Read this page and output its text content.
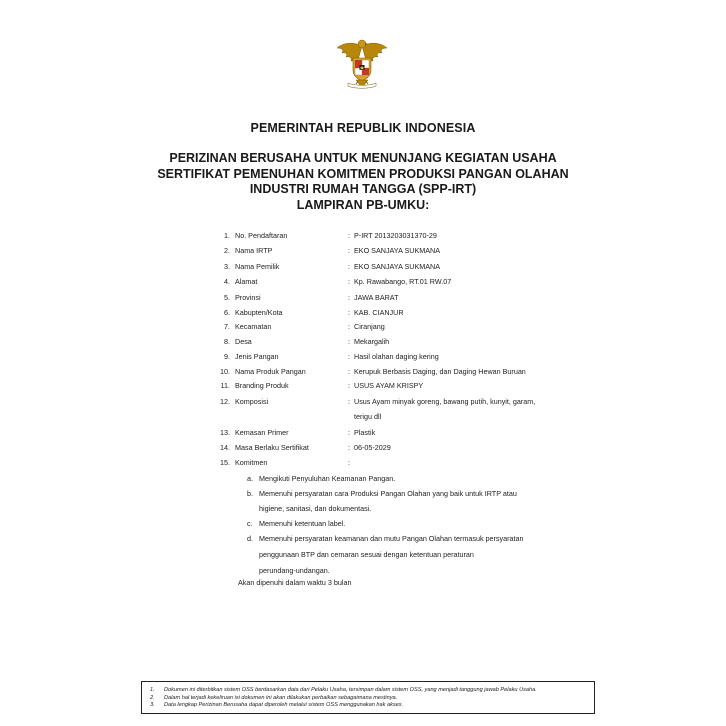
PEMERINTAH REPUBLIK INDONESIA
PERIZINAN BERUSAHA UNTUK MENUNJANG KEGIATAN USAHA
SERTIFIKAT PEMENUHAN KOMITMEN PRODUKSI PANGAN OLAHAN
INDUSTRI RUMAH TANGGA (SPP-IRT)
LAMPIRAN PB-UMKU:
1. No. Pendaftaran	: P-IRT 2013203031370-29
2. Nama IRTP	: EKO SANJAYA SUKMANA
3. Nama Pemilik	: EKO SANJAYA SUKMANA
4. Alamat	: Kp. Rawabango, RT.01 RW.07
5. Provinsi	: JAWA BARAT
6. Kabupten/Kota	: KAB. CIANJUR
7. Kecamatan	: Ciranjang
8. Desa	: Mekargalih
9. Jenis Pangan	: Hasil olahan daging kering
10. Nama Produk Pangan	: Kerupuk Berbasis Daging, dan Daging Hewan Buruan
11. Branding Produk	: USUS AYAM KRISPY
12. Komposisi	: Usus Ayam minyak goreng, bawang putih, kunyit, garam,
terigu dll
13. Kemasan Primer	: Plastik
14. Masa Berlaku Sertifikat	: 06-05-2029
15. Komitmen	:
a. Mengikuti Penyuluhan Keamanan Pangan.
b. Memenuhi persyaratan cara Produksi Pangan Olahan yang baik untuk IRTP atau
higiene, sanitasi, dan dokumentasi.
c. Memenuhi ketentuan label.
d. Memenuhi persyaratan keamanan dan mutu Pangan Olahan termasuk persyaratan
penggunaan BTP dan cemaran sesuai dengan ketentuan peraturan
perundang-undangan.
Akan dipenuhi dalam waktu 3 bulan
1. Dokumen ini diterbitkan sistem OSS berdasarkan data dari Pelaku Usaha, tersimpan dalam sistem OSS, yang menjadi tanggung jawab Pelaku Usaha.
2. Dalam hal terjadi kekeliruan isi dokumen ini akan dilakukan perbaikan sebagaimana mestinya.
3. Data lengkap Perizinan Berusaha dapat diperoleh melalui sistem OSS menggunakan hak akses.
